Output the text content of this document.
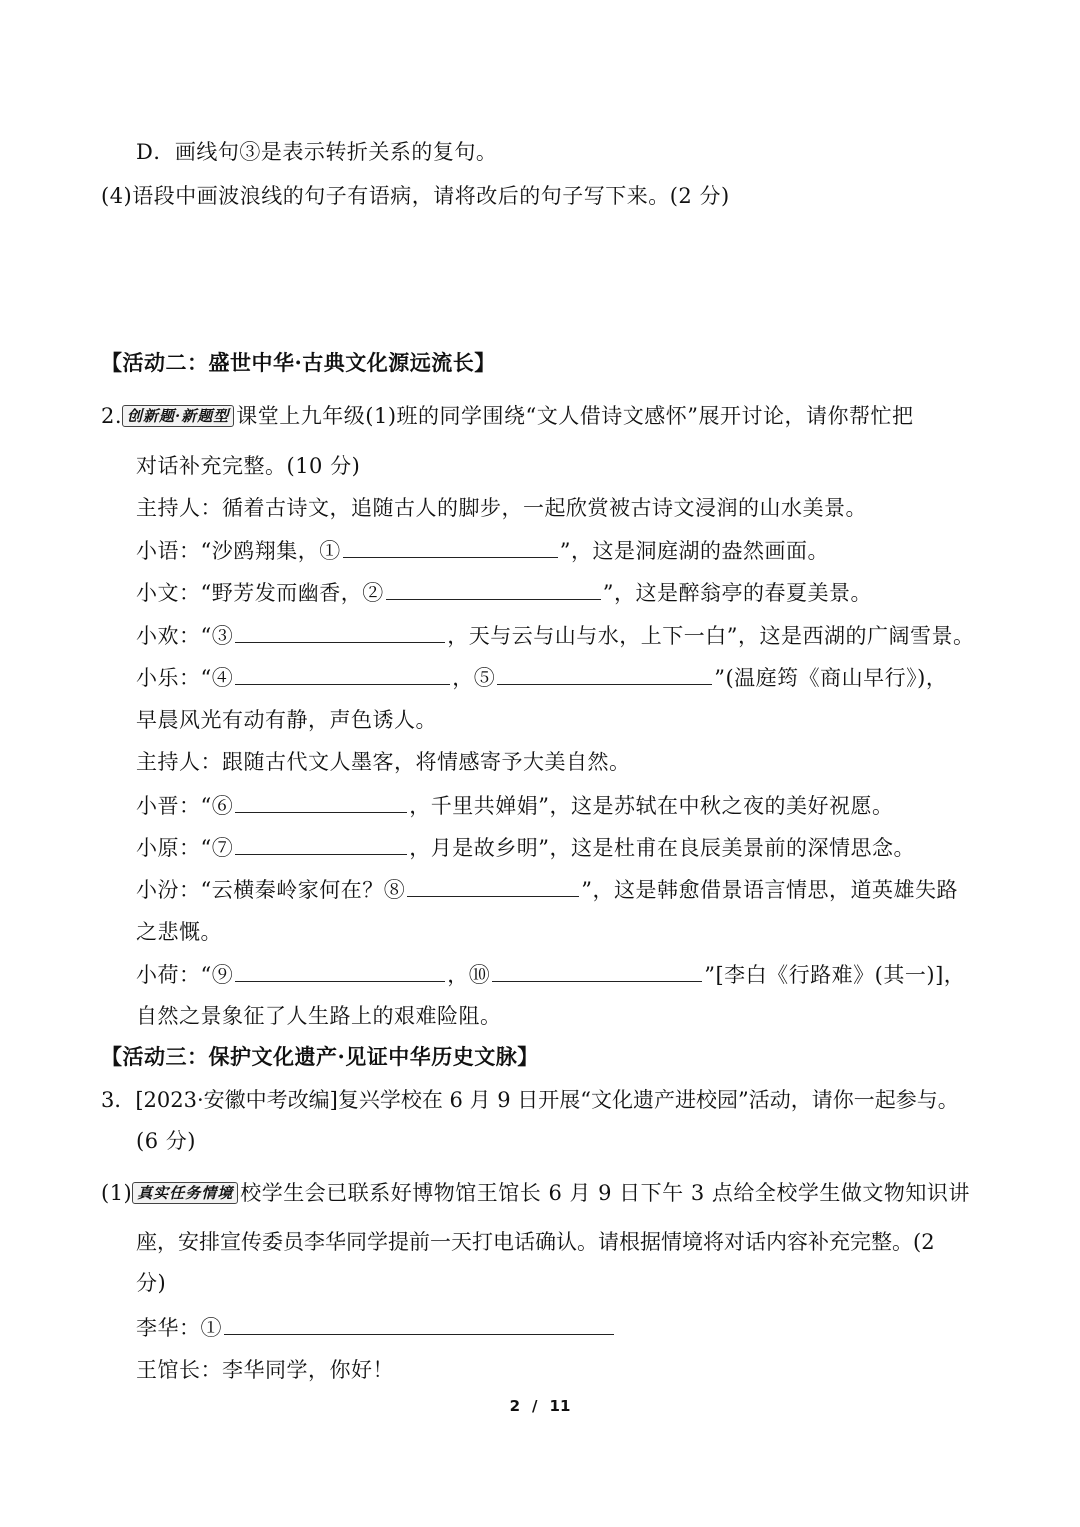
D．画线句③是表示转折关系的复句。
(4)语段中画波浪线的句子有语病，请将改后的句子写下来。(2 分)
【活动二：盛世中华·古典文化源远流长】
2. 创新题·新题型 课堂上九年级(1)班的同学围绕“文人借诗文感怀”展开讨论，请你帮忙把
对话补充完整。(10 分)
主持人：循着古诗文，追随古人的脚步，一起欣赏被古诗文浸润的山水美景。
小语：“沙鸥翔集，①	”，这是洞庭湖的盎然画面。
小文：“野芳发而幽香，②	”，这是醉翁亭的春夏美景。
小欢：“③	，天与云与山与水，上下一白”，这是西湖的广阔雪景。
小乐：“④	，⑤	”(温庭筠《商山早行》)，
早晨风光有动有静，声色诱人。
主持人：跟随古代文人墨客，将情感寄予大美自然。
小晋：“⑥	，千里共婵娟”，这是苏轼在中秋之夜的美好祝愿。
小原：“⑦	，月是故乡明”，这是杜甫在良辰美景前的深情思念。
小汾：“云横秦岭家何在？⑧	”，这是韩愈借景语言情思，道英雄失路
之悲慨。
小荷：“⑨	，⑩	”[李白《行路难》(其一)]，
自然之景象征了人生路上的艰难险阻。
【活动三：保护文化遗产·见证中华历史文脉】
3．[2023·安徽中考改编]复兴学校在 6 月 9 日开展“文化遗产进校园”活动，请你一起参与。
(6 分)
(1) 真实任务情境 校学生会已联系好博物馆王馆长 6 月 9 日下午 3 点给全校学生做文物知识讲
座，安排宣传委员李华同学提前一天打电话确认。请根据情境将对话内容补充完整。(2
分)
李华：①
王馆长：李华同学，你好！
2 / 11
